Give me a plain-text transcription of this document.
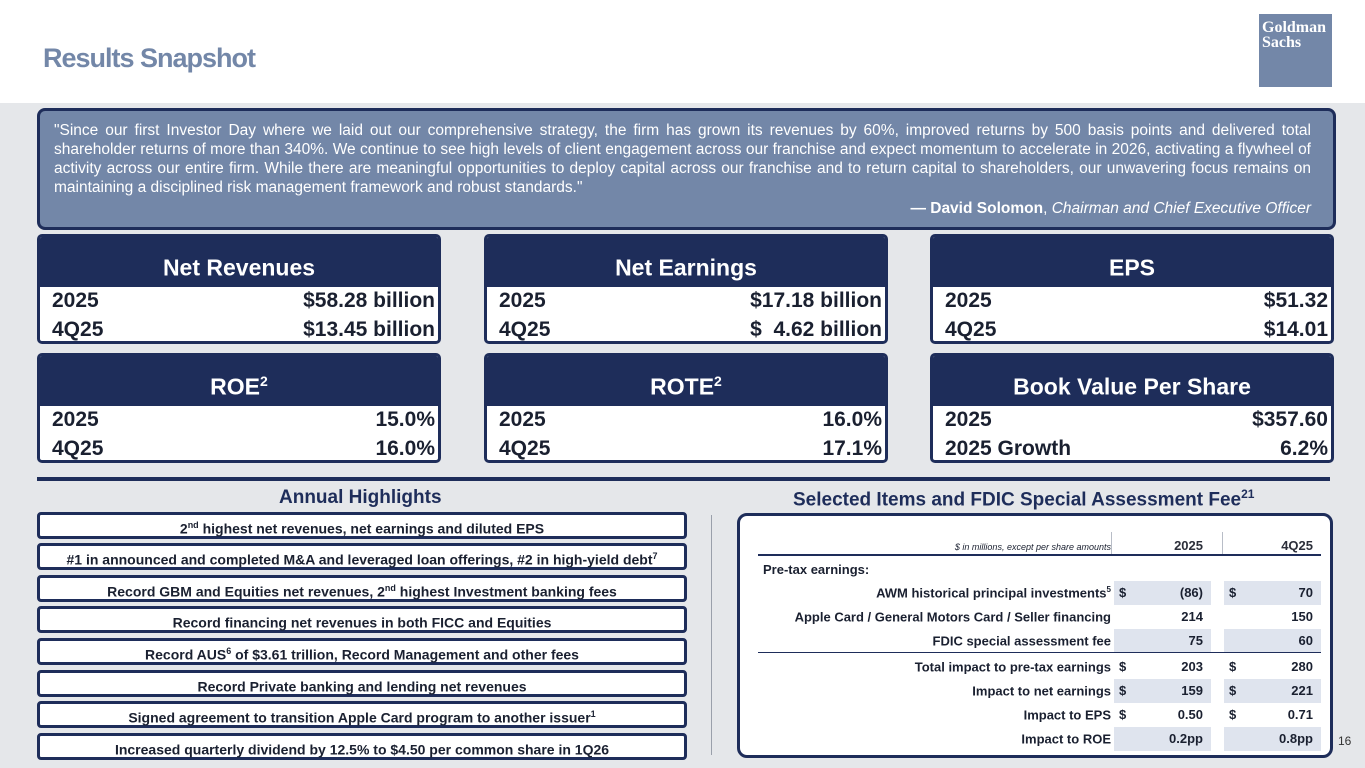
Results Snapshot
Goldman
Sachs
"Since our first Investor Day where we laid out our comprehensive strategy, the firm has grown its revenues by 60%, improved returns by 500 basis points and delivered total shareholder returns of more than 340%. We continue to see high levels of client engagement across our franchise and expect momentum to accelerate in 2026, activating a flywheel of activity across our entire firm. While there are meaningful opportunities to deploy capital across our franchise and to return capital to shareholders, our unwavering focus remains on maintaining a disciplined risk management framework and robust standards."
— David Solomon, Chairman and Chief Executive Officer
Net Revenues
2025	$58.28 billion
4Q25	$13.45 billion
Net Earnings
2025	$17.18 billion
4Q25	$  4.62 billion
EPS
2025	$51.32
4Q25	$14.01
ROE$^2$
2025	15.0%
4Q25	16.0%
ROTE$^2$
2025	16.0%
4Q25	17.1%
Book Value Per Share
2025	$357.60
2025 Growth	6.2%
Annual Highlights	Selected Items and FDIC Special Assessment Fee$^{21}$
2nd highest net revenues, net earnings and diluted EPS
#1 in announced and completed M&A and leveraged loan offerings, #2 in high-yield debt$^7$
Record GBM and Equities net revenues, 2nd highest Investment banking fees
Record financing net revenues in both FICC and Equities
Record AUS$^6$ of $3.61 trillion, Record Management and other fees
Record Private banking and lending net revenues
Signed agreement to transition Apple Card program to another issuer$^1$
Increased quarterly dividend by 12.5% to $4.50 per common share in 1Q26
$ in millions, except per share amounts	2025	4Q25
Pre-tax earnings:
AWM historical principal investments$^5$ $	(86) $	70
Apple Card / General Motors Card / Seller financing	214	150
FDIC special assessment fee	75	60
Total impact to pre-tax earnings $	203 $	280
Impact to net earnings $	159 $	221
Impact to EPS $	0.50 $	0.71
Impact to ROE	0.2pp	0.8pp 16
